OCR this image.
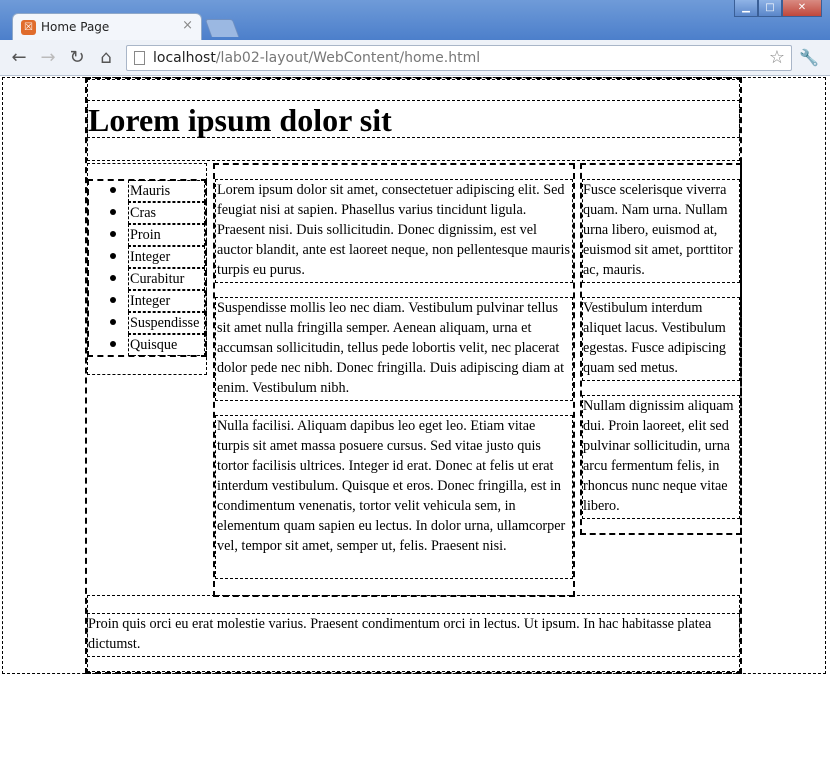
☒ Home Page	×
▁	□	✕
← → ↻ ⌂	localhost/lab02-layout/WebContent/home.html	☆ 🔧
Lorem ipsum dolor sit
Mauris
Cras
Proin
Integer
Curabitur
Integer
Suspendisse
Quisque
Lorem ipsum dolor sit amet, consectetuer adipiscing elit. Sed feugiat nisi at sapien. Phasellus varius tincidunt ligula. Praesent nisi. Duis sollicitudin. Donec dignissim, est vel auctor blandit, ante est laoreet neque, non pellentesque mauris turpis eu purus.
Suspendisse mollis leo nec diam. Vestibulum pulvinar tellus sit amet nulla fringilla semper. Aenean aliquam, urna et accumsan sollicitudin, tellus pede lobortis velit, nec placerat dolor pede nec nibh. Donec fringilla. Duis adipiscing diam at enim. Vestibulum nibh.
Nulla facilisi. Aliquam dapibus leo eget leo. Etiam vitae turpis sit amet massa posuere cursus. Sed vitae justo quis tortor facilisis ultrices. Integer id erat. Donec at felis ut erat interdum vestibulum. Quisque et eros. Donec fringilla, est in condimentum venenatis, tortor velit vehicula sem, in elementum quam sapien eu lectus. In dolor urna, ullamcorper vel, tempor sit amet, semper ut, felis. Praesent nisi.
Fusce scelerisque viverra quam. Nam urna. Nullam urna libero, euismod at, euismod sit amet, porttitor ac, mauris.
Vestibulum interdum aliquet lacus. Vestibulum egestas. Fusce adipiscing quam sed metus.
Nullam dignissim aliquam dui. Proin laoreet, elit sed pulvinar sollicitudin, urna arcu fermentum felis, in rhoncus nunc neque vitae libero.
Proin quis orci eu erat molestie varius. Praesent condimentum orci in lectus. Ut ipsum. In hac habitasse platea dictumst.
